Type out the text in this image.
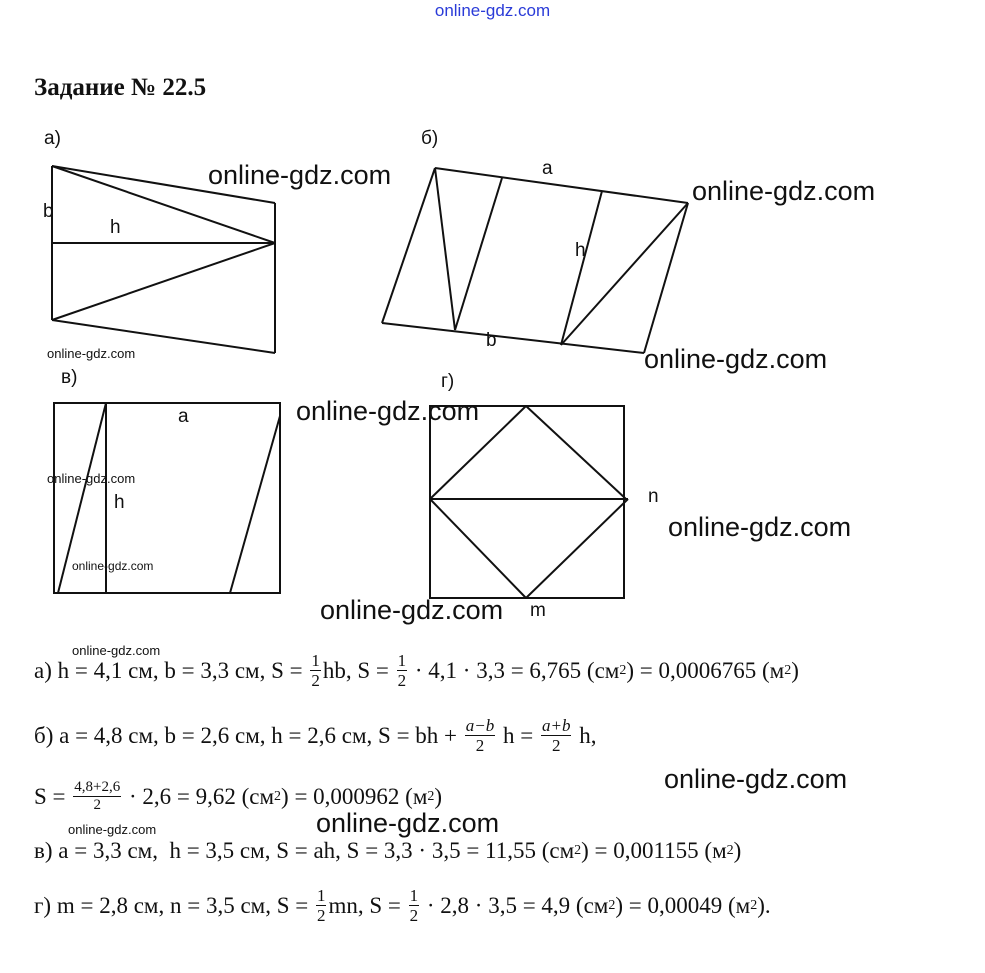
online-gdz.com
Задание № 22.5
а)
b
h
б)
a
h
b
в)
a
h
г)
n
m
online-gdz.com
online-gdz.com
online-gdz.com	online-gdz.com
online-gdz.com
online-gdz.com
online-gdz.com
online-gdz.com
online-gdz.com
online-gdz.com
online-gdz.com
online-gdz.com	online-gdz.com
а) h = 4,1 см, b = 3,3 см, $S = \frac{1}{2}$ hb, $S = \frac{1}{2} \cdot 4,1 \cdot 3,3 = 6,765$ (см 2 ) = 0,0006765 (м 2 )
б) a = 4,8 см, b = 2,6 см, h = 2,6 см, S = bh + $\frac{a-b}{2}$ $h = \frac{a+b}{2} h$,
$S = \frac{4,8+2,6}{2} \cdot 2,6 = 9,62$ (см 2 ) = 0,000962 (м 2 )
в) a = 3,3 см,  h = 3,5 см, S = ah, S = 3,3 · 3,5 = 11,55 (см 2 ) = 0,001155 (м 2 )
г) m = 2,8 см, n = 3,5 см, $S = \frac{1}{2}$ mn, $S = \frac{1}{2} \cdot 2,8 \cdot 3,5 = 4,9$ (см 2 ) = 0,00049 (м 2 ).
